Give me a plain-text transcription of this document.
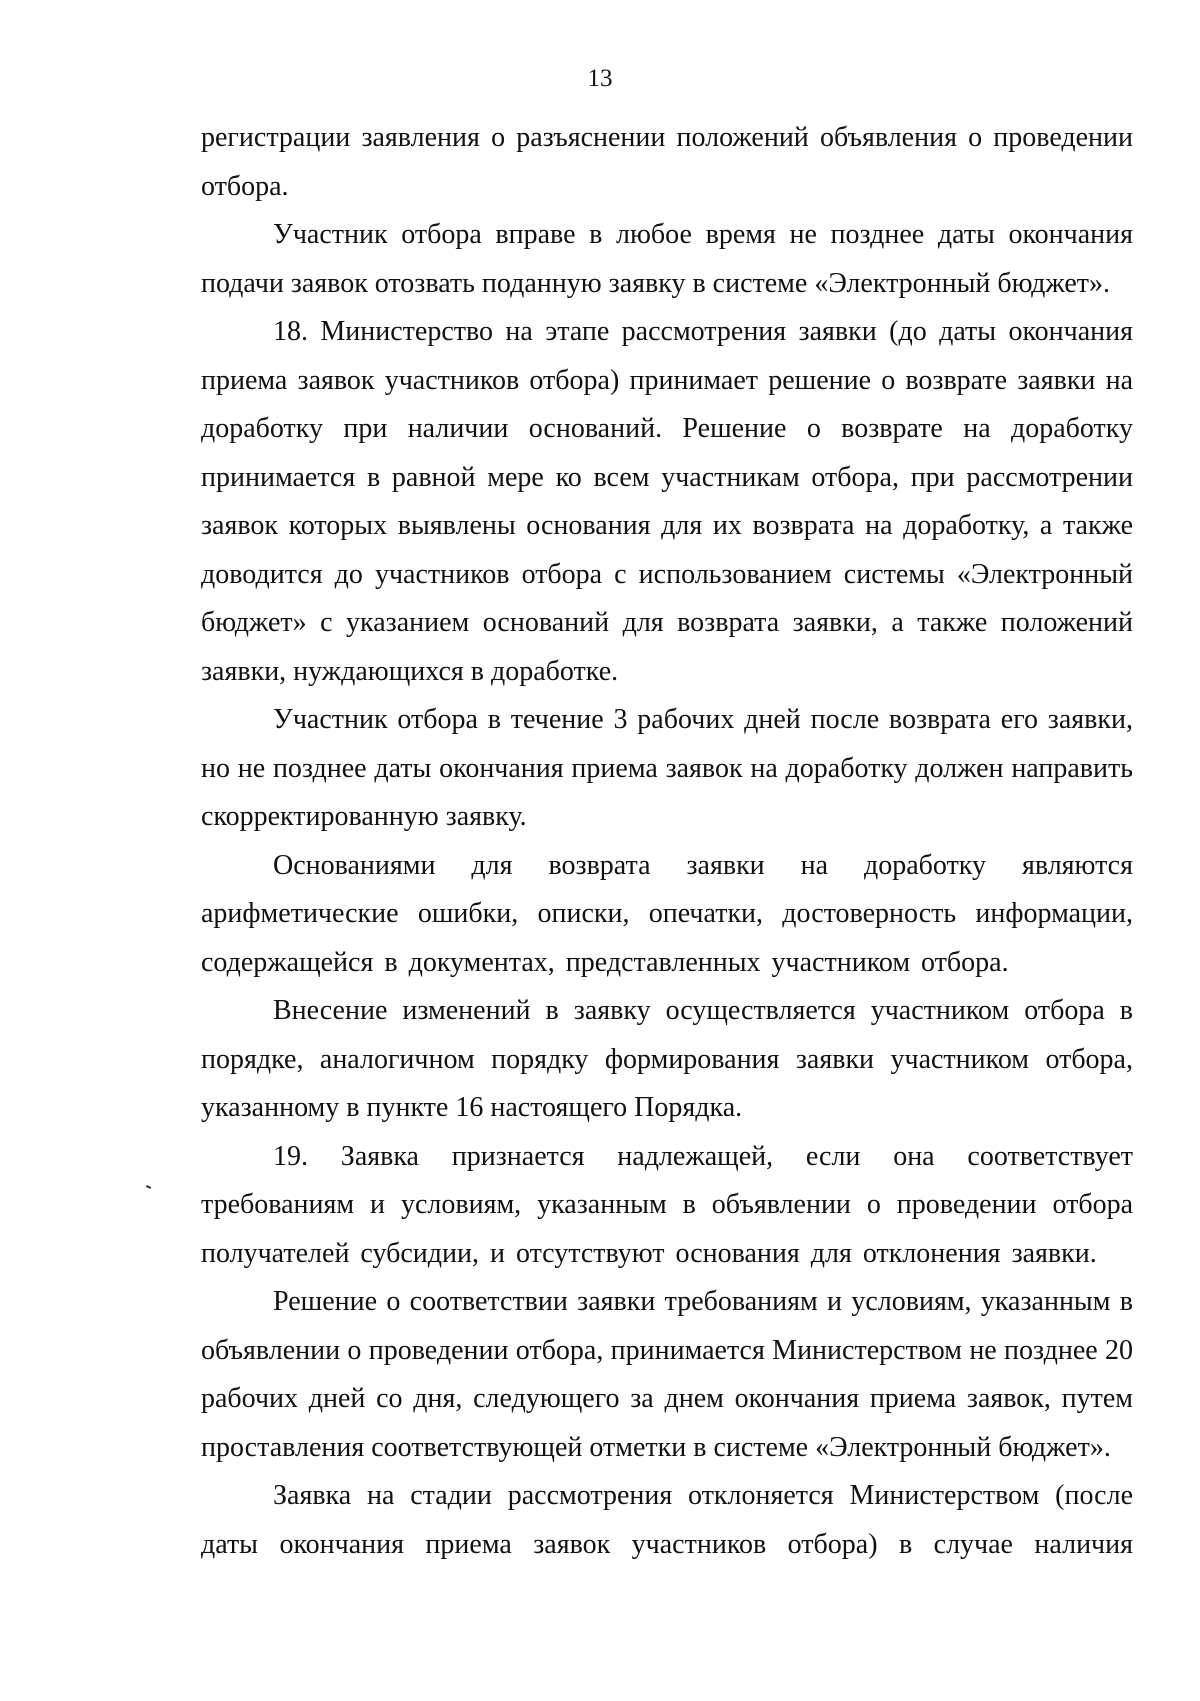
13

регистрации заявления о разъяснении положений объявления о проведении отбора.

Участник отбора вправе в любое время не позднее даты окончания подачи заявок отозвать поданную заявку в системе «Электронный бюджет».

18. Министерство на этапе рассмотрения заявки (до даты окончания приема заявок участников отбора) принимает решение о возврате заявки на доработку при наличии оснований. Решение о возврате на доработку принимается в равной мере ко всем участникам отбора, при рассмотрении заявок которых выявлены основания для их возврата на доработку, а также доводится до участников отбора с использованием системы «Электронный бюджет» с указанием оснований для возврата заявки, а также положений заявки, нуждающихся в доработке.

Участник отбора в течение 3 рабочих дней после возврата его заявки, но не позднее даты окончания приема заявок на доработку должен направить скорректированную заявку.

Основаниями для возврата заявки на доработку являются арифметические ошибки, описки, опечатки, достоверность информации, содержащейся в документах, представленных участником отбора.

Внесение изменений в заявку осуществляется участником отбора в порядке, аналогичном порядку формирования заявки участником отбора, указанному в пункте 16 настоящего Порядка.

19. Заявка признается надлежащей, если она соответствует требованиям и условиям, указанным в объявлении о проведении отбора получателей субсидии, и отсутствуют основания для отклонения заявки.

Решение о соответствии заявки требованиям и условиям, указанным в объявлении о проведении отбора, принимается Министерством не позднее 20 рабочих дней со дня, следующего за днем окончания приема заявок, путем проставления соответствующей отметки в системе «Электронный бюджет».

Заявка на стадии рассмотрения отклоняется Министерством (после даты окончания приема заявок участников отбора) в случае наличия
